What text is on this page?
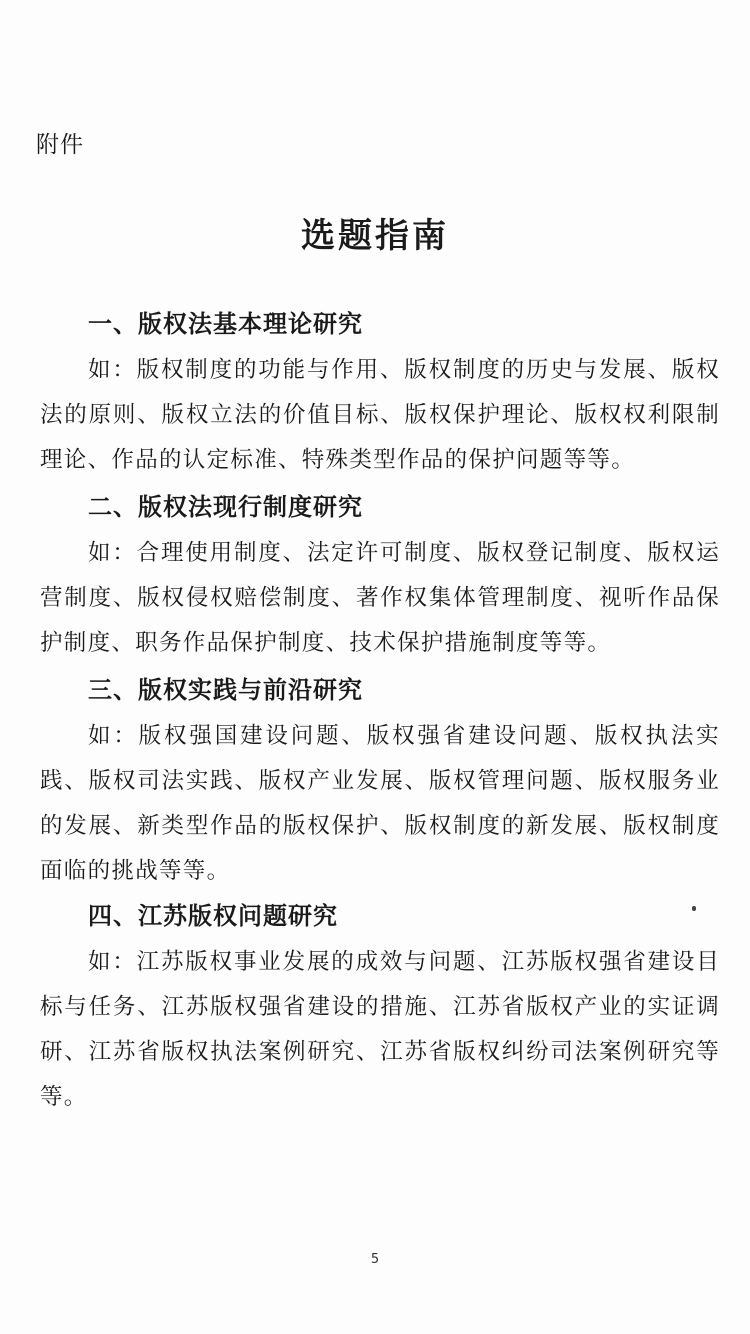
附件
选题指南

一、版权法基本理论研究

如：版权制度的功能与作用、版权制度的历史与发展、版权法的原则、版权立法的价值目标、版权保护理论、版权权利限制理论、作品的认定标准、特殊类型作品的保护问题等等。

二、版权法现行制度研究

如：合理使用制度、法定许可制度、版权登记制度、版权运营制度、版权侵权赔偿制度、著作权集体管理制度、视听作品保护制度、职务作品保护制度、技术保护措施制度等等。

三、版权实践与前沿研究

如：版权强国建设问题、版权强省建设问题、版权执法实践、版权司法实践、版权产业发展、版权管理问题、版权服务业的发展、新类型作品的版权保护、版权制度的新发展、版权制度面临的挑战等等。

四、江苏版权问题研究

如：江苏版权事业发展的成效与问题、江苏版权强省建设目标与任务、江苏版权强省建设的措施、江苏省版权产业的实证调研、江苏省版权执法案例研究、江苏省版权纠纷司法案例研究等等。

5
